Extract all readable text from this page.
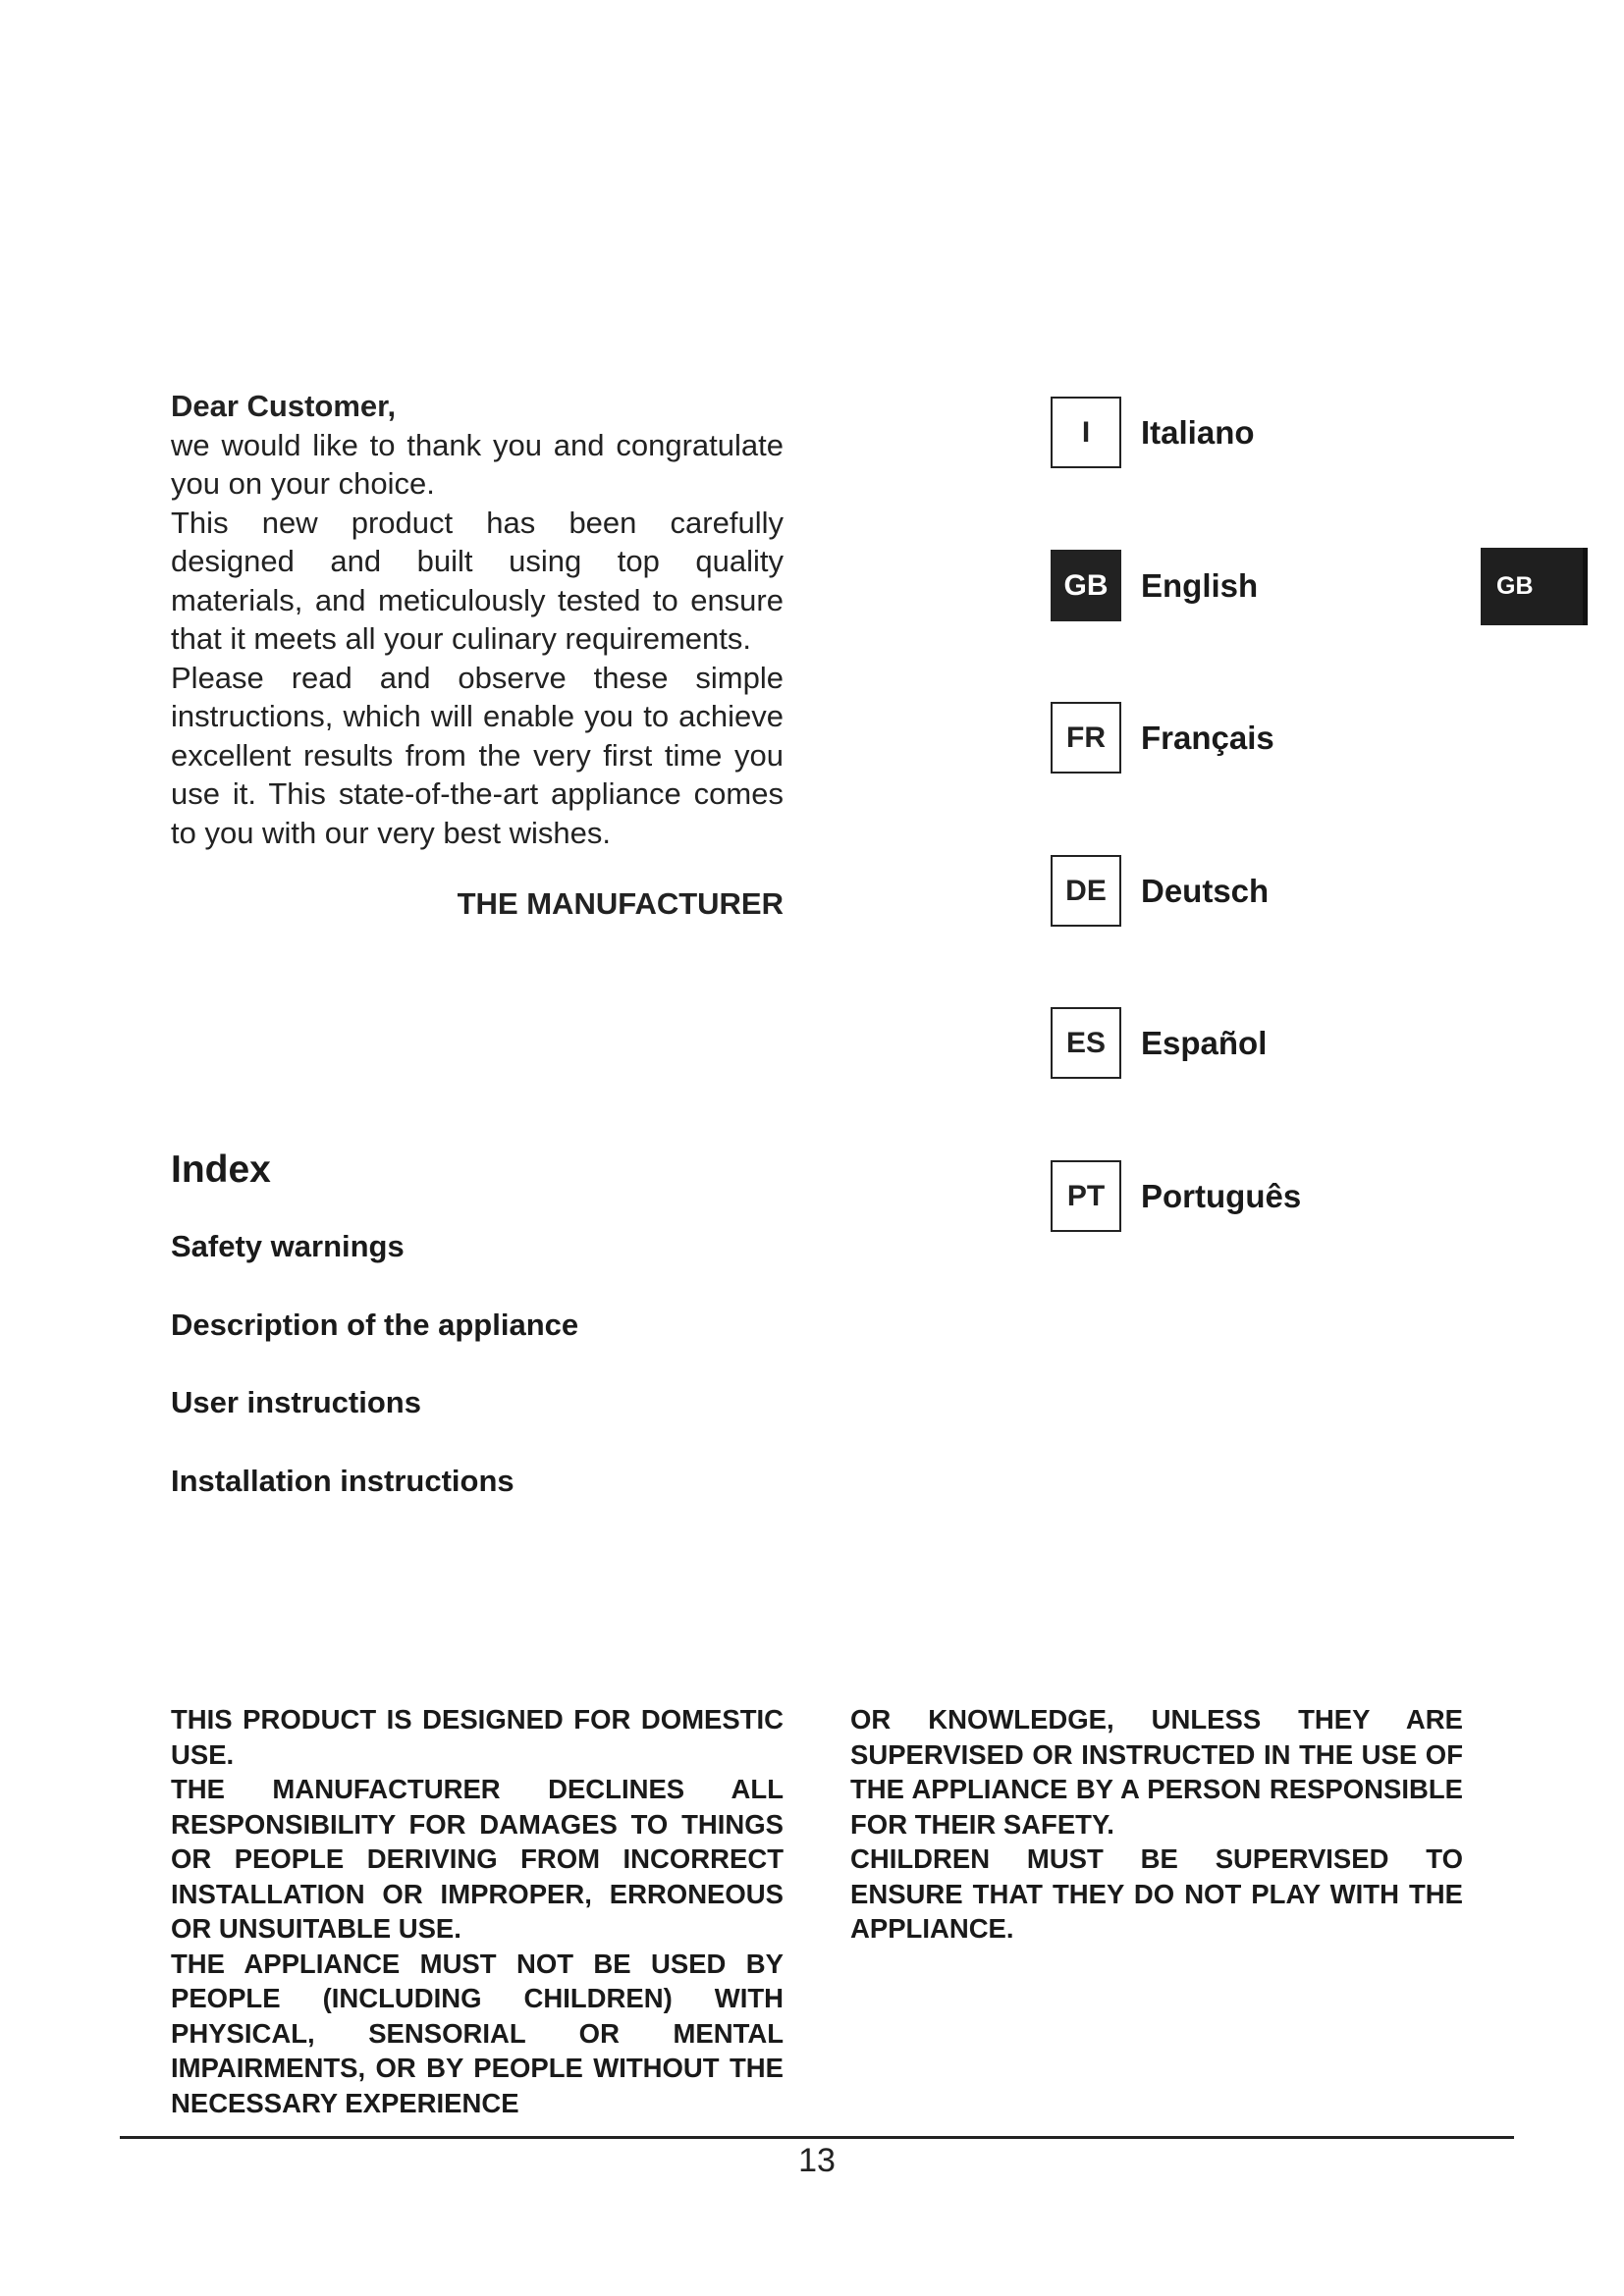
Dear Customer,

we would like to thank you and congratulate you on your choice.

This new product has been carefully designed and built using top quality materials, and meticulously tested to ensure that it meets all your culinary requirements.

Please read and observe these simple instructions, which will enable you to achieve excellent results from the very first time you use it. This state-of-the-art appliance comes to you with our very best wishes.

THE MANUFACTURER
Index
Safety warnings
Description of the appliance
User instructions
Installation instructions
I	Italiano
GB	English
FR	Français
DE	Deutsch
ES	Español
PT	Português
GB

THIS PRODUCT IS DESIGNED FOR DOMESTIC USE.

THE MANUFACTURER DECLINES ALL RESPONSIBILITY FOR DAMAGES TO THINGS OR PEOPLE DERIVING FROM INCORRECT INSTALLATION OR IMPROPER, ERRONEOUS OR UNSUITABLE USE.

THE APPLIANCE MUST NOT BE USED BY PEOPLE (INCLUDING CHILDREN) WITH PHYSICAL, SENSORIAL OR MENTAL IMPAIRMENTS, OR BY PEOPLE WITHOUT THE NECESSARY EXPERIENCE

OR KNOWLEDGE, UNLESS THEY ARE SUPERVISED OR INSTRUCTED IN THE USE OF THE APPLIANCE BY A PERSON RESPONSIBLE FOR THEIR SAFETY.

CHILDREN MUST BE SUPERVISED TO ENSURE THAT THEY DO NOT PLAY WITH THE APPLIANCE.

13
